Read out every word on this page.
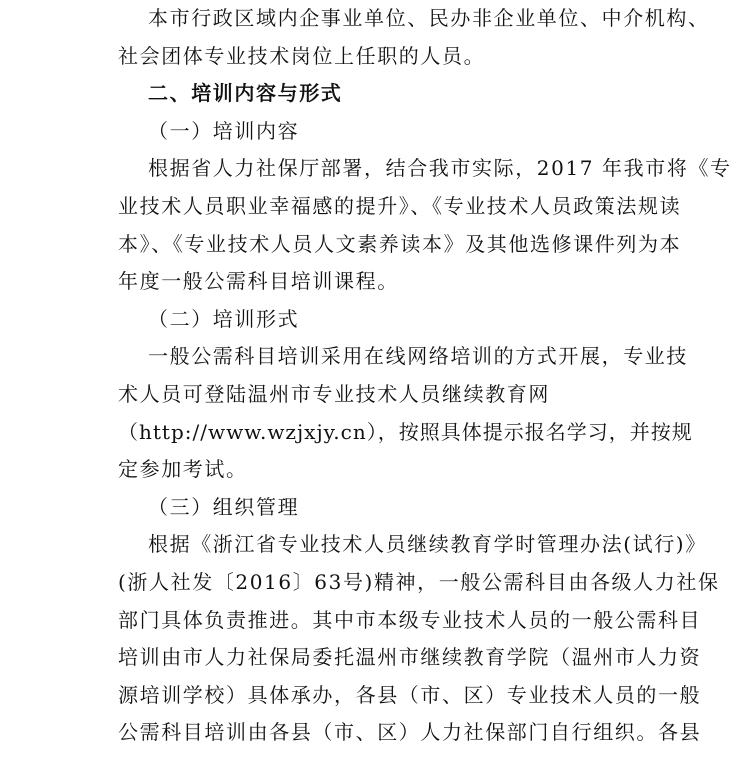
本市行政区域内企事业单位、民办非企业单位、中介机构、
社会团体专业技术岗位上任职的人员。
二、培训内容与形式
（一）培训内容
根据省人力社保厅部署，结合我市实际，2017 年我市将《专
业技术人员职业幸福感的提升》、《专业技术人员政策法规读
本》、《专业技术人员人文素养读本》及其他选修课件列为本
年度一般公需科目培训课程。
（二）培训形式
一般公需科目培训采用在线网络培训的方式开展，专业技
术人员可登陆温州市专业技术人员继续教育网
（http://www.wzjxjy.cn），按照具体提示报名学习，并按规
定参加考试。
（三）组织管理
根据《浙江省专业技术人员继续教育学时管理办法(试行)》
(浙人社发〔2016〕63号)精神，一般公需科目由各级人力社保
部门具体负责推进。其中市本级专业技术人员的一般公需科目
培训由市人力社保局委托温州市继续教育学院（温州市人力资
源培训学校）具体承办，各县（市、区）专业技术人员的一般
公需科目培训由各县（市、区）人力社保部门自行组织。各县
